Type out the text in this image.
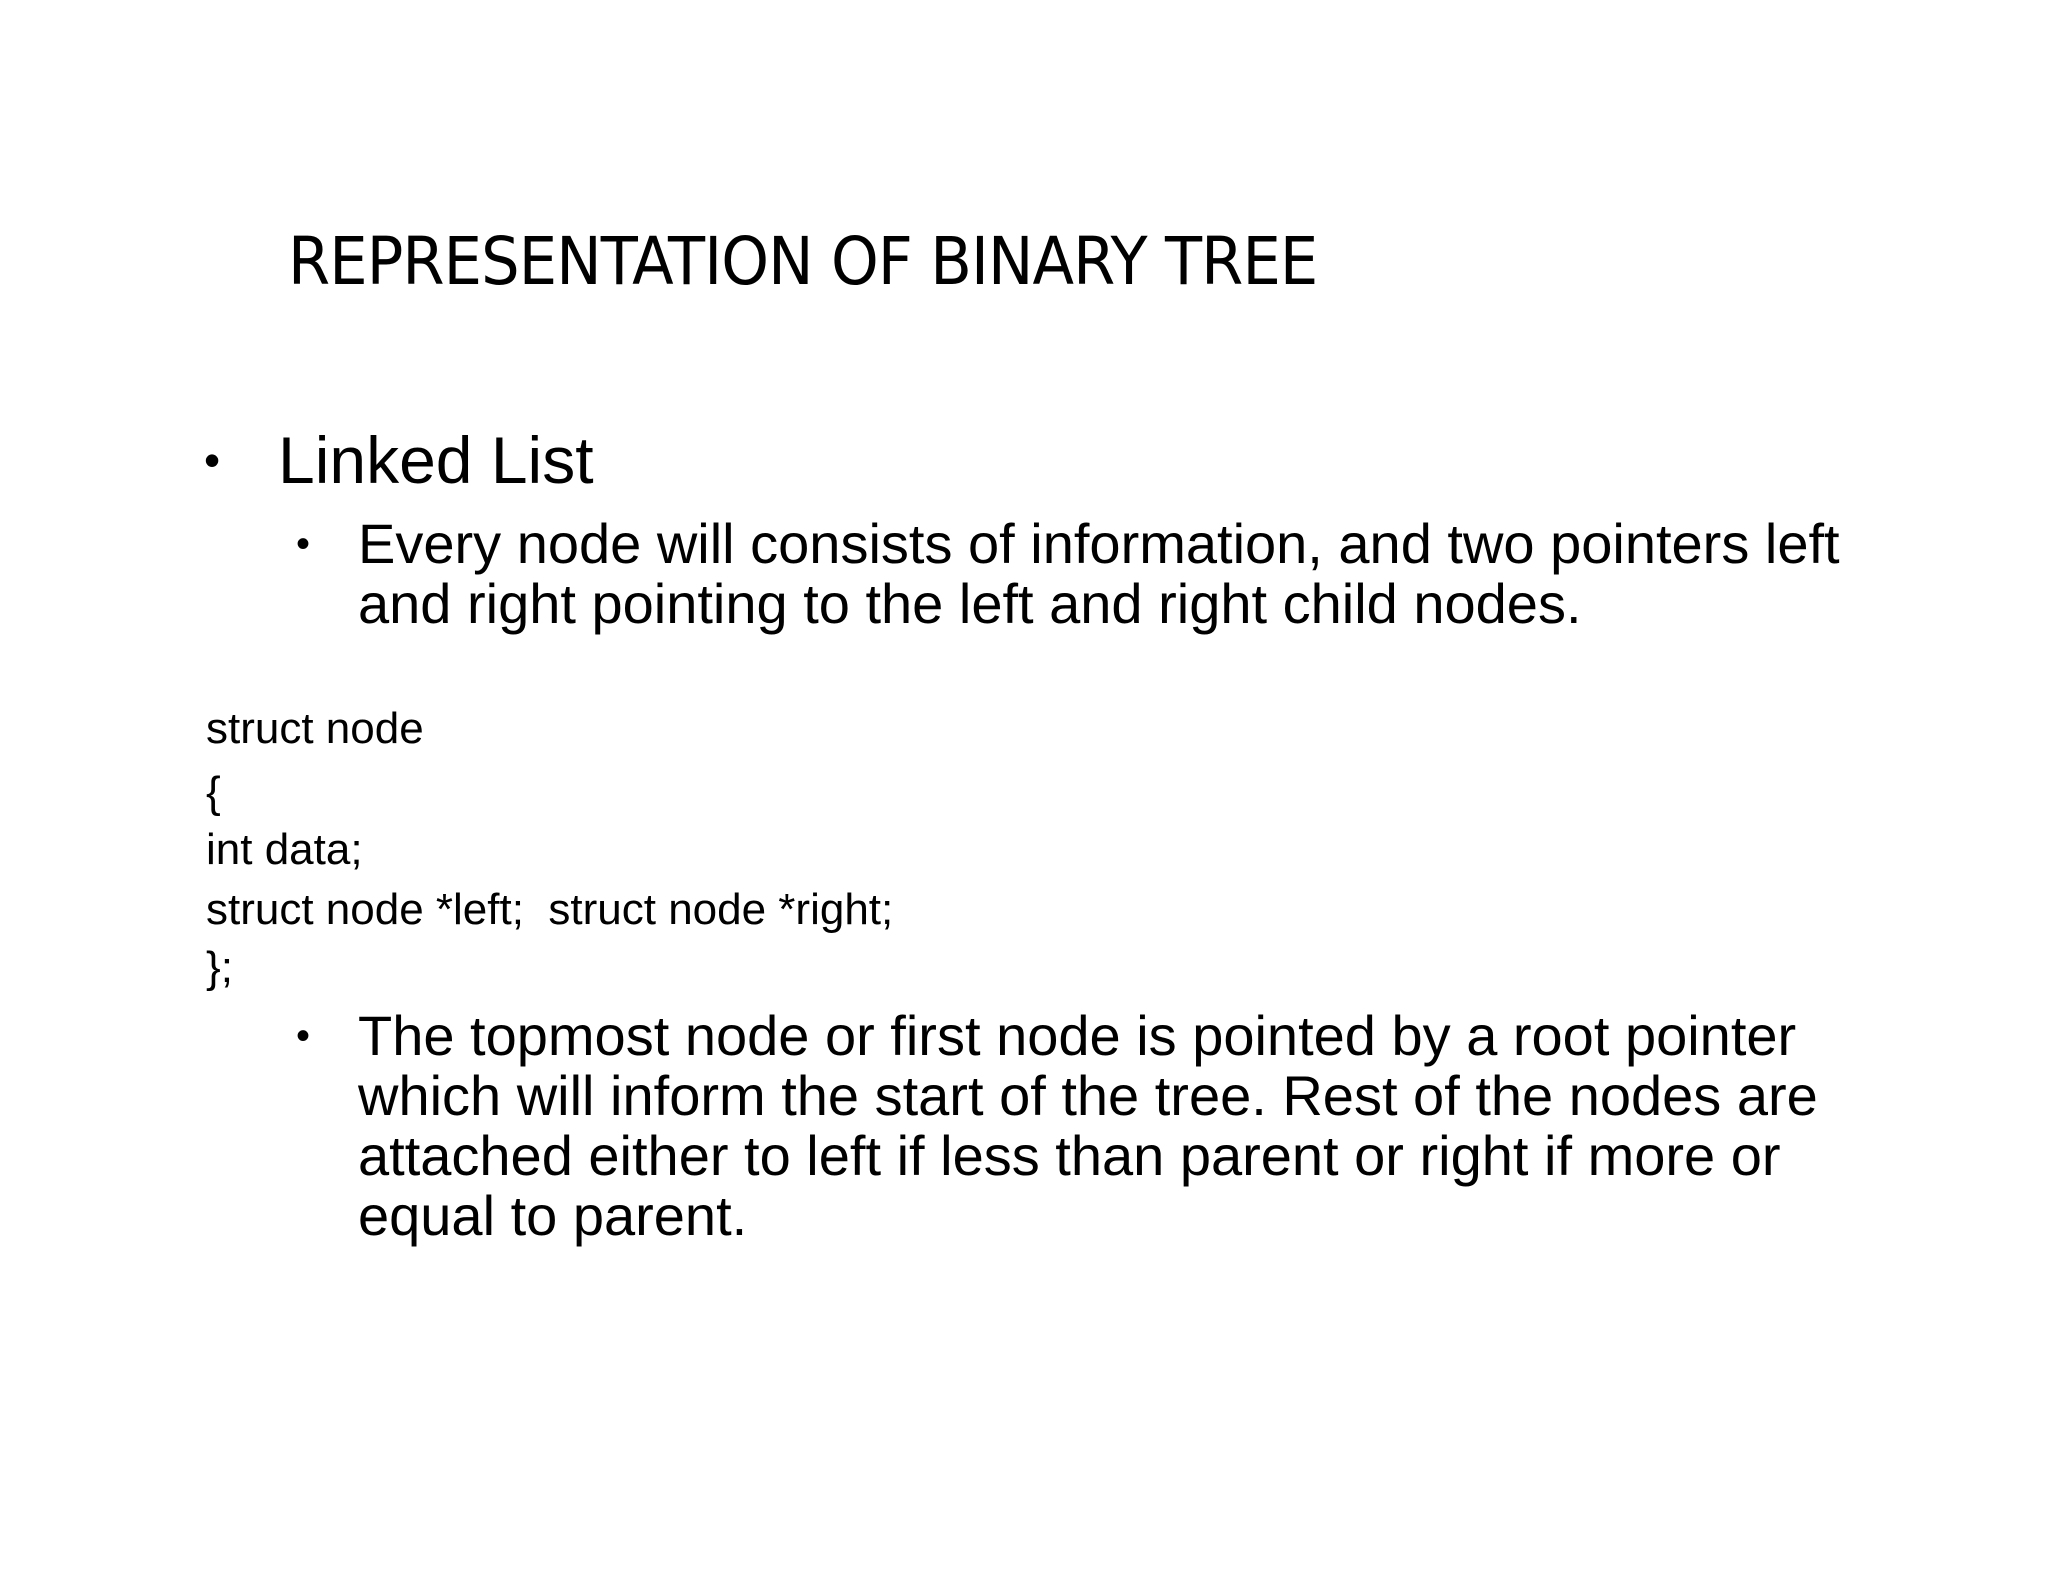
REPRESENTATION OF BINARY TREE
• Linked List
• Every node will consists of information, and two pointers left and right pointing to the left and right child nodes.
struct node
{
int data;
struct node *left;  struct node *right;
};
• The topmost node or first node is pointed by a root pointer which will inform the start of the tree. Rest of the nodes are attached either to left if less than parent or right if more or equal to parent.
